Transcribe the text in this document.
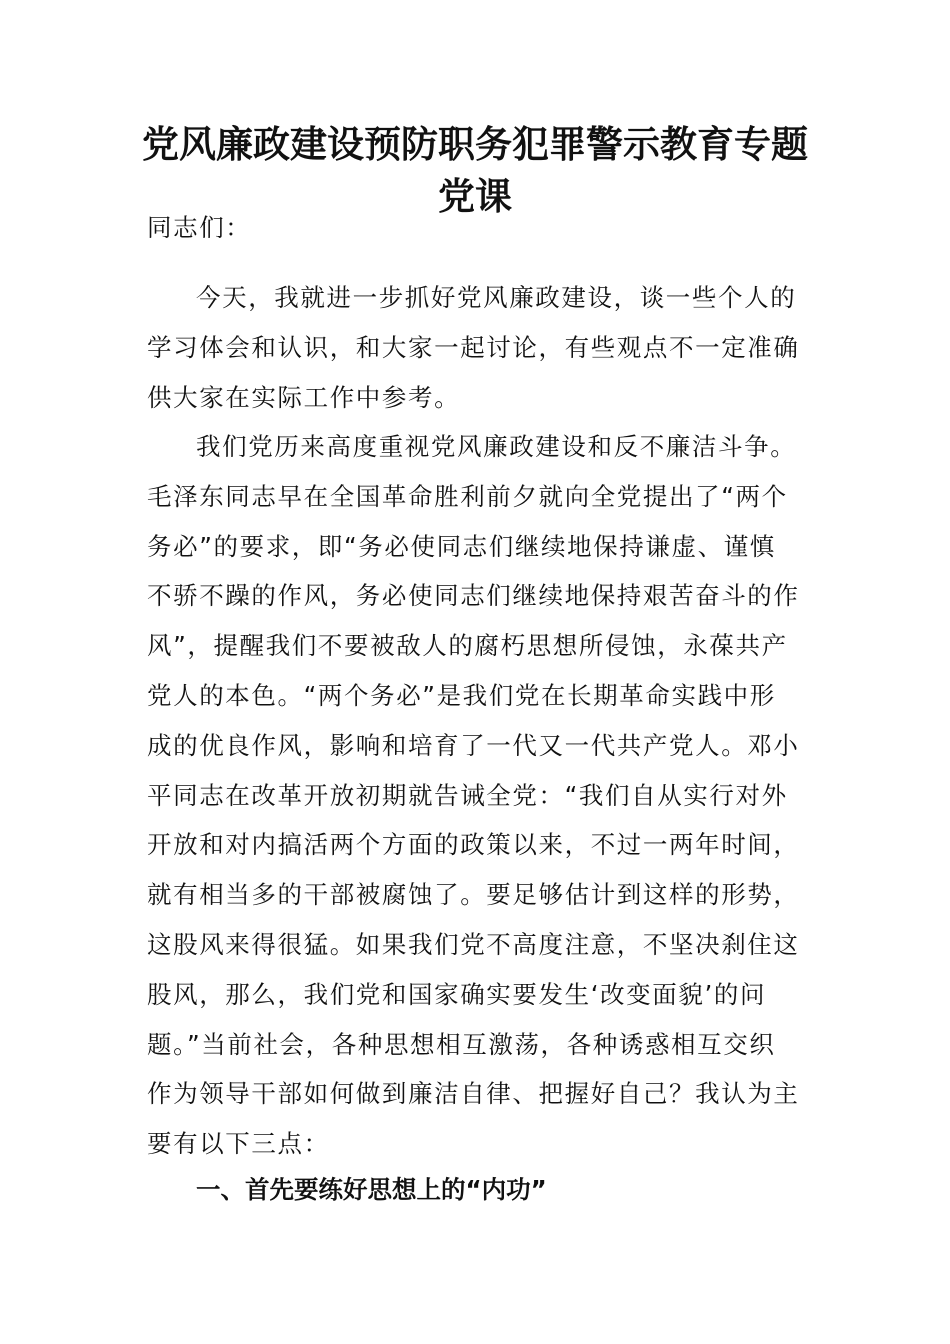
党风廉政建设预防职务犯罪警示教育专题
党课

同志们：

今天，我就进一步抓好党风廉政建设，谈一些个人的
学习体会和认识，和大家一起讨论，有些观点不一定准确
供大家在实际工作中参考。

我们党历来高度重视党风廉政建设和反不廉洁斗争。
毛泽东同志早在全国革命胜利前夕就向全党提出了“两个
务必”的要求，即“务必使同志们继续地保持谦虚、谨慎
不骄不躁的作风，务必使同志们继续地保持艰苦奋斗的作
风”，提醒我们不要被敌人的腐朽思想所侵蚀，永葆共产
党人的本色。“两个务必”是我们党在长期革命实践中形
成的优良作风，影响和培育了一代又一代共产党人。邓小
平同志在改革开放初期就告诫全党：“我们自从实行对外
开放和对内搞活两个方面的政策以来，不过一两年时间，
就有相当多的干部被腐蚀了。要足够估计到这样的形势，
这股风来得很猛。如果我们党不高度注意，不坚决刹住这
股风，那么，我们党和国家确实要发生‘改变面貌’的问
题。”当前社会，各种思想相互激荡，各种诱惑相互交织
作为领导干部如何做到廉洁自律、把握好自己？我认为主
要有以下三点：

一、首先要练好思想上的“内功”
